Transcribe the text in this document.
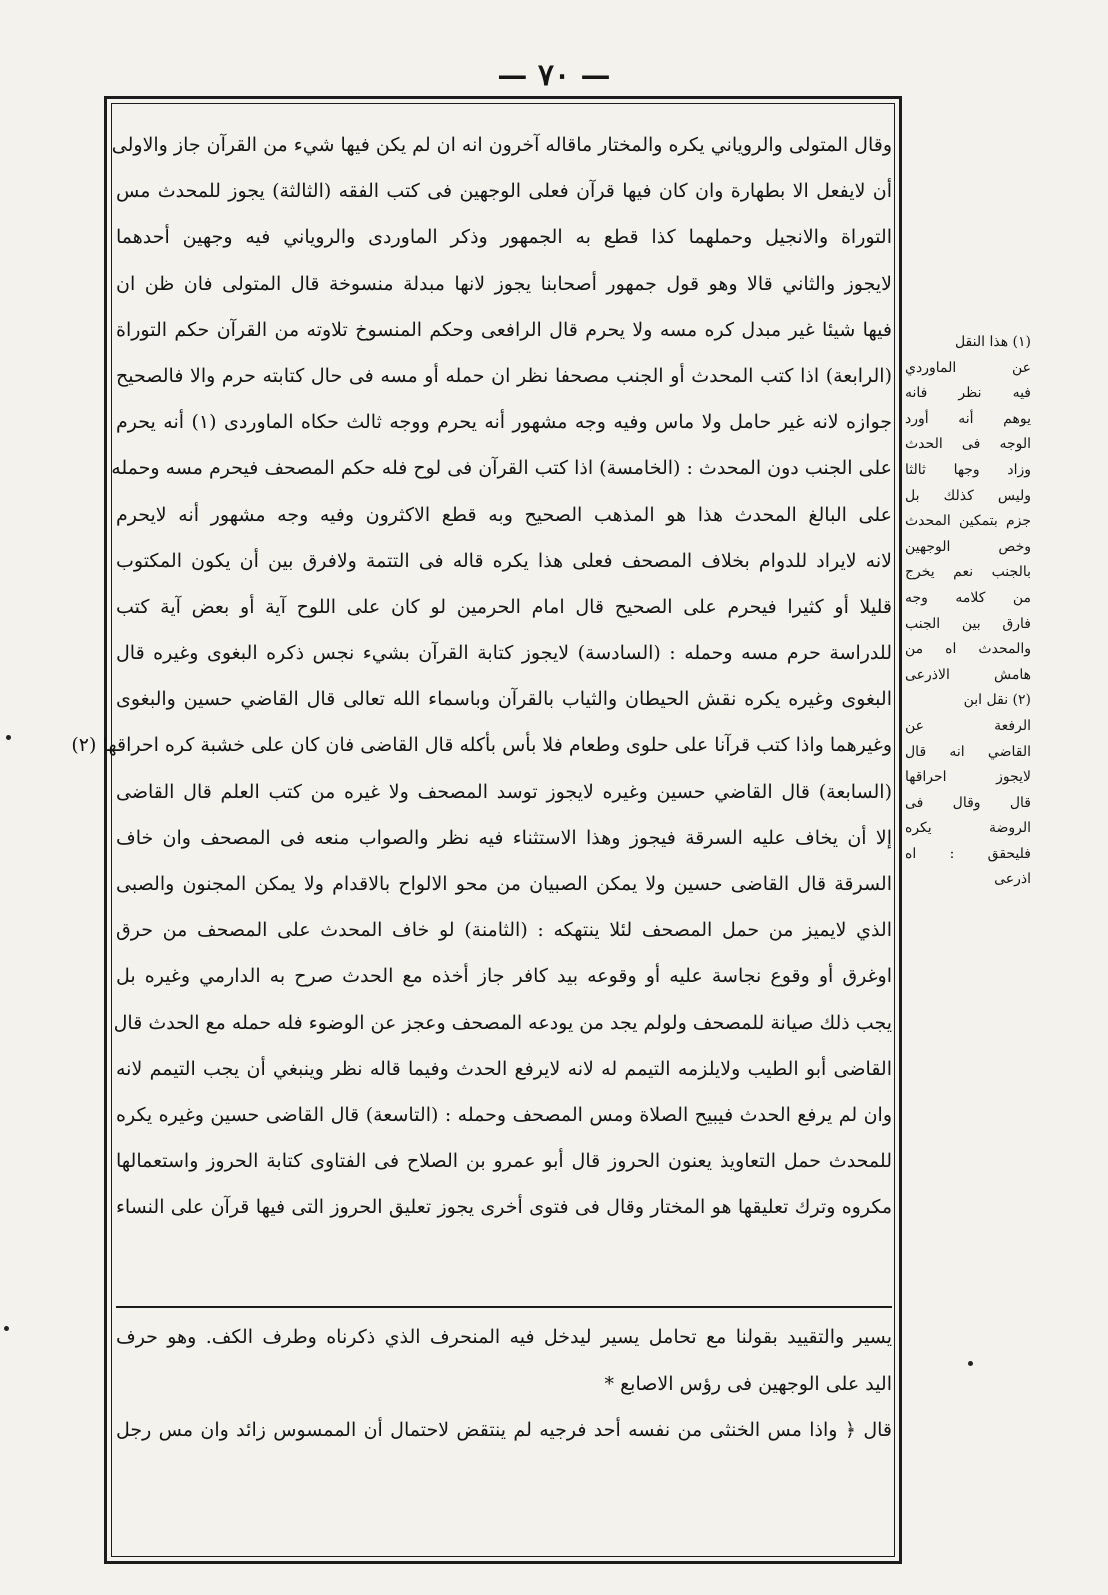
— ٧٠ —
وقال المتولى والروياني يكره والمختار ماقاله آخرون انه ان لم يكن فيها شيء من القرآن جاز والاولى
أن لايفعل الا بطهارة وان كان فيها قرآن فعلى الوجهين فى كتب الفقه (الثالثة) يجوز للمحدث مس
التوراة والانجيل وحملهما كذا قطع به الجمهور وذكر الماوردى والروياني فيه وجهين أحدهما
لايجوز والثاني قالا وهو قول جمهور أصحابنا يجوز لانها مبدلة منسوخة قال المتولى فان ظن ان
فيها شيئا غير مبدل كره مسه ولا يحرم قال الرافعى وحكم المنسوخ تلاوته من القرآن حكم التوراة
(الرابعة) اذا كتب المحدث أو الجنب مصحفا نظر ان حمله أو مسه فى حال كتابته حرم والا فالصحيح
جوازه لانه غير حامل ولا ماس وفيه وجه مشهور أنه يحرم ووجه ثالث حكاه الماوردى (١) أنه يحرم
على الجنب دون المحدث : (الخامسة) اذا كتب القرآن فى لوح فله حكم المصحف فيحرم مسه وحمله
على البالغ المحدث هذا هو المذهب الصحيح وبه قطع الاكثرون وفيه وجه مشهور أنه لايحرم
لانه لايراد للدوام بخلاف المصحف فعلى هذا يكره قاله فى التتمة ولافرق بين أن يكون المكتوب
قليلا أو كثيرا فيحرم على الصحيح قال امام الحرمين لو كان على اللوح آية أو بعض آية كتب
للدراسة حرم مسه وحمله : (السادسة) لايجوز كتابة القرآن بشيء نجس ذكره البغوى وغيره قال
البغوى وغيره يكره نقش الحيطان والثياب بالقرآن وباسماء الله تعالى قال القاضي حسين والبغوى
وغيرهما واذا كتب قرآنا على حلوى وطعام فلا بأس بأكله قال القاضى فان كان على خشبة كره احراقها (٢)
(السابعة) قال القاضي حسين وغيره لايجوز توسد المصحف ولا غيره من كتب العلم قال القاضى
إلا أن يخاف عليه السرقة فيجوز وهذا الاستثناء فيه نظر والصواب منعه فى المصحف وان خاف
السرقة قال القاضى حسين ولا يمكن الصبيان من محو الالواح بالاقدام ولا يمكن المجنون والصبى
الذي لايميز من حمل المصحف لئلا ينتهكه : (الثامنة) لو خاف المحدث على المصحف من حرق
اوغرق أو وقوع نجاسة عليه أو وقوعه بيد كافر جاز أخذه مع الحدث صرح به الدارمي وغيره بل
يجب ذلك صيانة للمصحف ولولم يجد من يودعه المصحف وعجز عن الوضوء فله حمله مع الحدث قال
القاضى أبو الطيب ولايلزمه التيمم له لانه لايرفع الحدث وفيما قاله نظر وينبغي أن يجب التيمم لانه
وان لم يرفع الحدث فيبيح الصلاة ومس المصحف وحمله : (التاسعة) قال القاضى حسين وغيره يكره
للمحدث حمل التعاويذ يعنون الحروز قال أبو عمرو بن الصلاح فى الفتاوى كتابة الحروز واستعمالها
مكروه وترك تعليقها هو المختار وقال فى فتوى أخرى يجوز تعليق الحروز التى فيها قرآن على النساء
يسير والتقييد بقولنا مع تحامل يسير ليدخل فيه المنحرف الذي ذكرناه وطرف الكف. وهو حرف
اليد على الوجهين فى رؤس الاصابع *
قال ﴿ واذا مس الخنثى من نفسه أحد فرجيه لم ينتقض لاحتمال أن الممسوس زائد وان مس رجل
(١) هذا النقل
عن الماوردي
فيه نظر فانه
يوهم أنه أورد
الوجه فى الحدث
وزاد وجها ثالثا
وليس كذلك بل
جزم بتمكين المحدث
وخص الوجهين
بالجنب نعم يخرج
من كلامه وجه
فارق بين الجنب
والمحدث اه من
هامش الاذرعى
(٢) نقل ابن
الرفعة عن
القاضي انه قال
لايجوز احراقها
قال وقال فى
الروضة يكره
فليحقق : اه
اذرعى
